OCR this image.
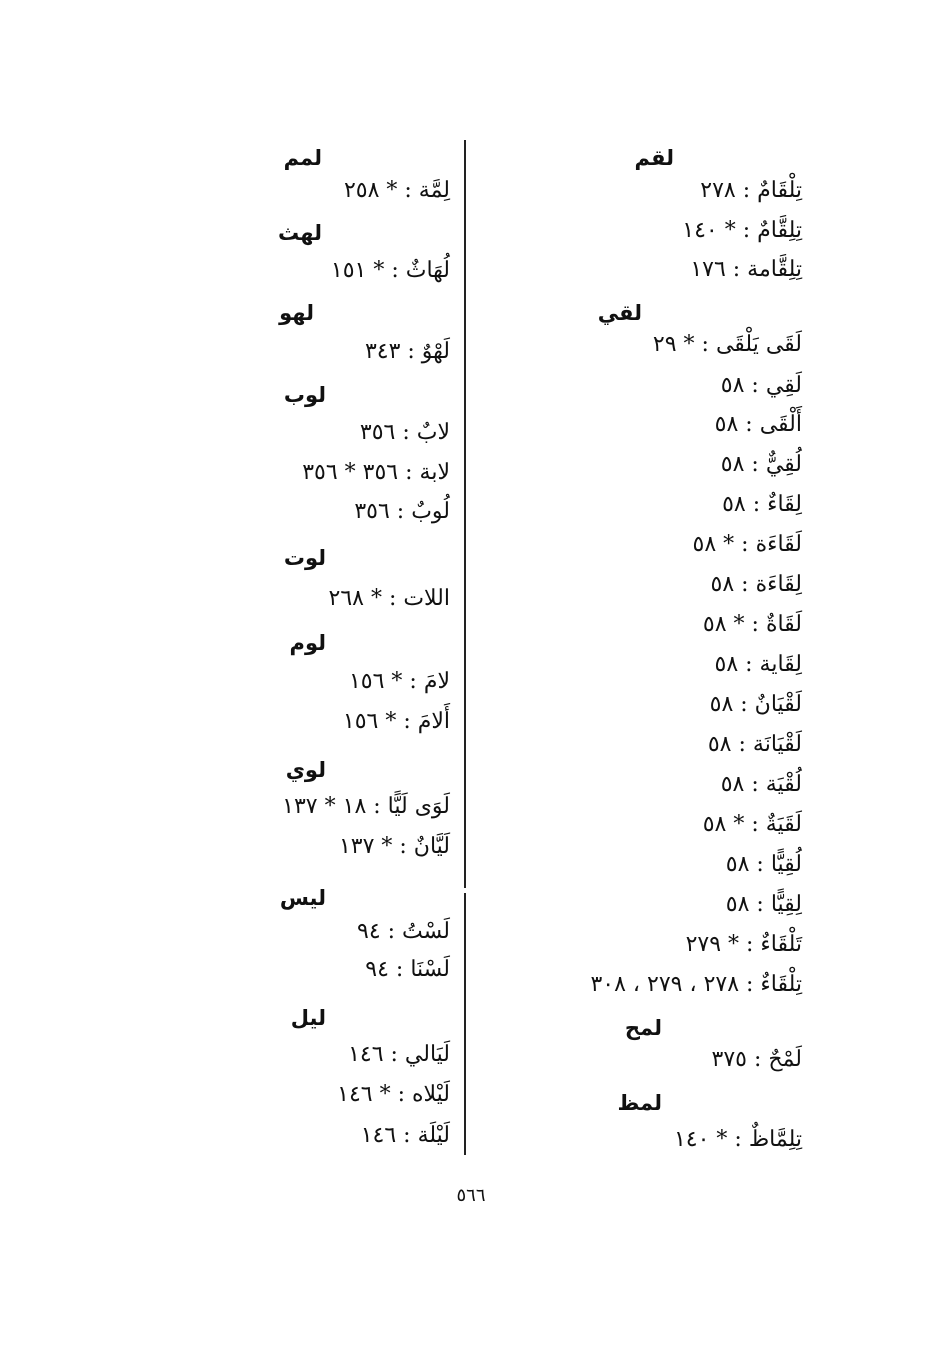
لقم
تِلْقَامٌ : ٢٧٨
تِلِقَّامٌ : * ١٤٠
تِلِقَّامة : ١٧٦
لقي
لَقَى يَلْقَى : * ٢٩
لَقِي : ٥٨
أَلْقَى : ٥٨
لُقِيٌّ : ٥٨
لِقَاءٌ : ٥٨
لَقَاءَة : * ٥٨
لِقَاءَة : ٥٨
لَقَاةٌ : * ٥٨
لِقَاية : ٥٨
لَقْيَانٌ : ٥٨
لَقْيَانَة : ٥٨
لُقْيَة : ٥٨
لَقَيَةٌ : * ٥٨
لُقِيًّا : ٥٨
لِقِيًّا : ٥٨
تَلْقَاءٌ : * ٢٧٩
تِلْقَاءٌ : ٢٧٨ ، ٢٧٩ ، ٣٠٨
لمح
لَمْحٌ : ٣٧٥
لمظ
تِلِمَّاظٌ : * ١٤٠
لمم
لِمَّة : * ٢٥٨
لهث
لُهَاثٌ : * ١٥١
لهو
لَهْوٌ : ٣٤٣
لوب
لابٌ : ٣٥٦
لابة : ٣٥٦ * ٣٥٦
لُوبٌ : ٣٥٦
لوت
اللات : * ٢٦٨
لوم
لامَ : * ١٥٦
أَلامَ : * ١٥٦
لوي
لَوَى لَيًّا : ١٨ * ١٣٧
لَيَّانٌ : * ١٣٧
ليس
لَسْتُ : ٩٤
لَسْنَا : ٩٤
ليل
لَيَالي : ١٤٦
لَيْلاه : * ١٤٦
لَيْلَة : ١٤٦
٥٦٦
